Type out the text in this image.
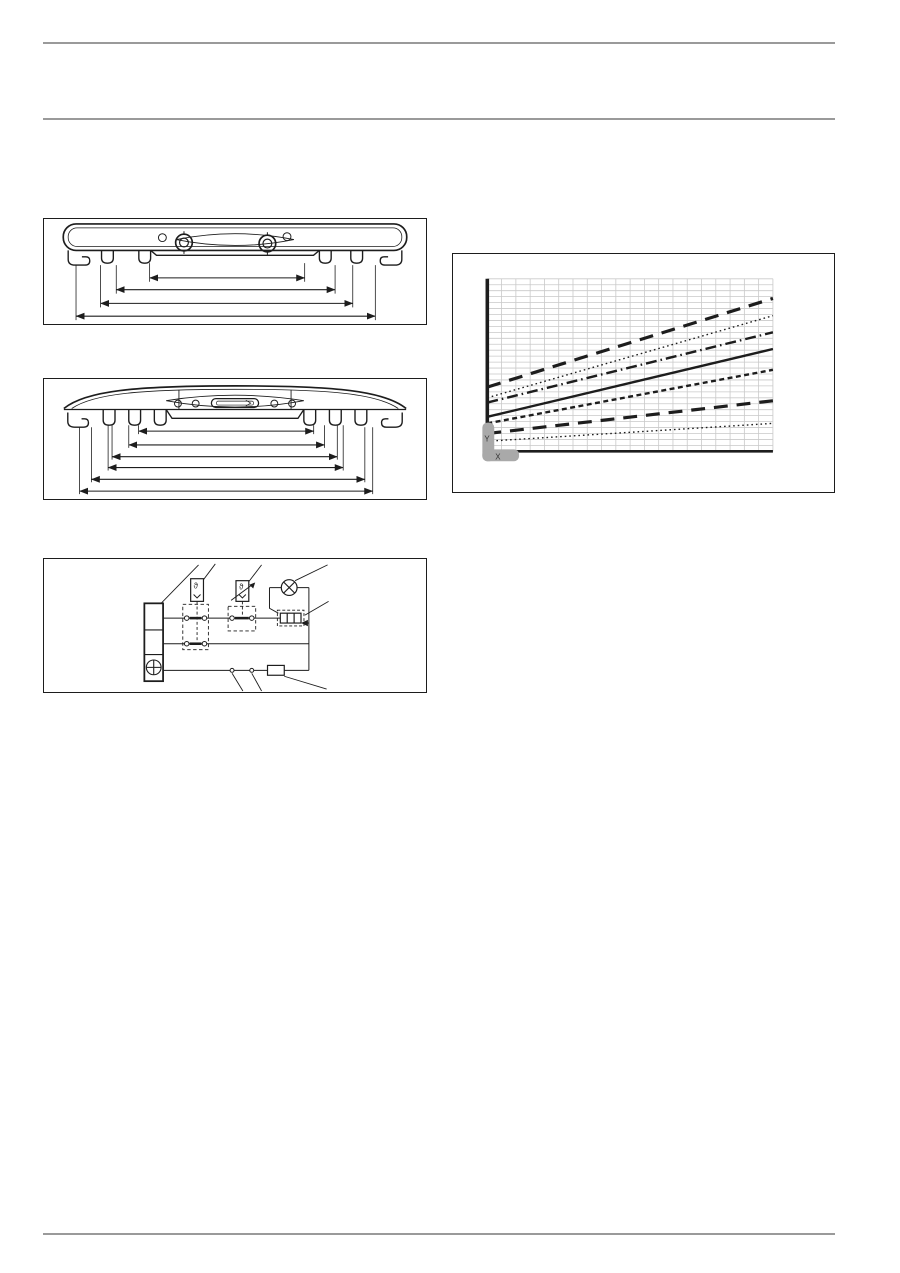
ϑ	ϑ
Y
X
